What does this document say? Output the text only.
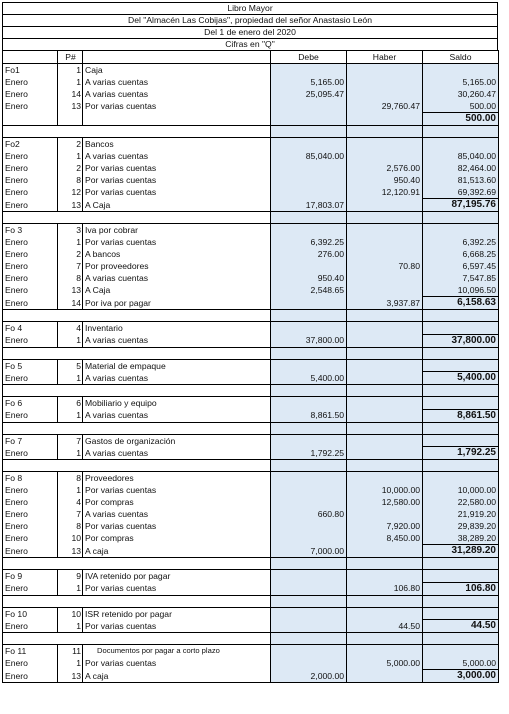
Libro Mayor
Del "Almacén Las Cobijas", propiedad del señor Anastasio León
Del 1 de enero del 2020
Cifras en "Q"
	P#		Debe	Haber	Saldo
Fo1	1	Caja			
Enero	1	A varias cuentas	5,165.00		5,165.00
Enero	14	A varias cuentas	25,095.47		30,260.47
Enero	13	Por varias cuentas		29,760.47	500.00
					500.00

Fo2	2	Bancos			
Enero	1	A varias cuentas	85,040.00		85,040.00
Enero	2	Por varias cuentas		2,576.00	82,464.00
Enero	8	Por varias cuentas		950.40	81,513.60
Enero	12	Por varias cuentas		12,120.91	69,392.69
Enero	13	A Caja	17,803.07		87,195.76

Fo 3	3	Iva por cobrar			
Enero	1	Por varias cuentas	6,392.25		6,392.25
Enero	2	A bancos	276.00		6,668.25
Enero	7	Por proveedores		70.80	6,597.45
Enero	8	A varias cuentas	950.40		7,547.85
Enero	13	A Caja	2,548.65		10,096.50
Enero	14	Por iva por pagar		3,937.87	6,158.63

Fo 4	4	Inventario			
Enero	1	A varias cuentas	37,800.00		37,800.00

Fo 5	5	Material de empaque			
Enero	1	A varias cuentas	5,400.00		5,400.00

Fo 6	6	Mobiliario y equipo			
Enero	1	A varias cuentas	8,861.50		8,861.50

Fo 7	7	Gastos de organización			
Enero	1	A varias cuentas	1,792.25		1,792.25

Fo 8	8	Proveedores			
Enero	1	Por varias cuentas		10,000.00	10,000.00
Enero	4	Por compras		12,580.00	22,580.00
Enero	7	A varias cuentas	660.80		21,919.20
Enero	8	Por varias cuentas		7,920.00	29,839.20
Enero	10	Por compras		8,450.00	38,289.20
Enero	13	A caja	7,000.00		31,289.20

Fo 9	9	IVA retenido por pagar			
Enero	1	Por varias cuentas		106.80	106.80

Fo 10	10	ISR retenido por pagar			
Enero	1	Por varias cuentas		44.50	44.50

Fo 11	11	Documentos por pagar a corto plazo			
Enero	1	Por varias cuentas		5,000.00	5,000.00
Enero	13	A caja	2,000.00		3,000.00
